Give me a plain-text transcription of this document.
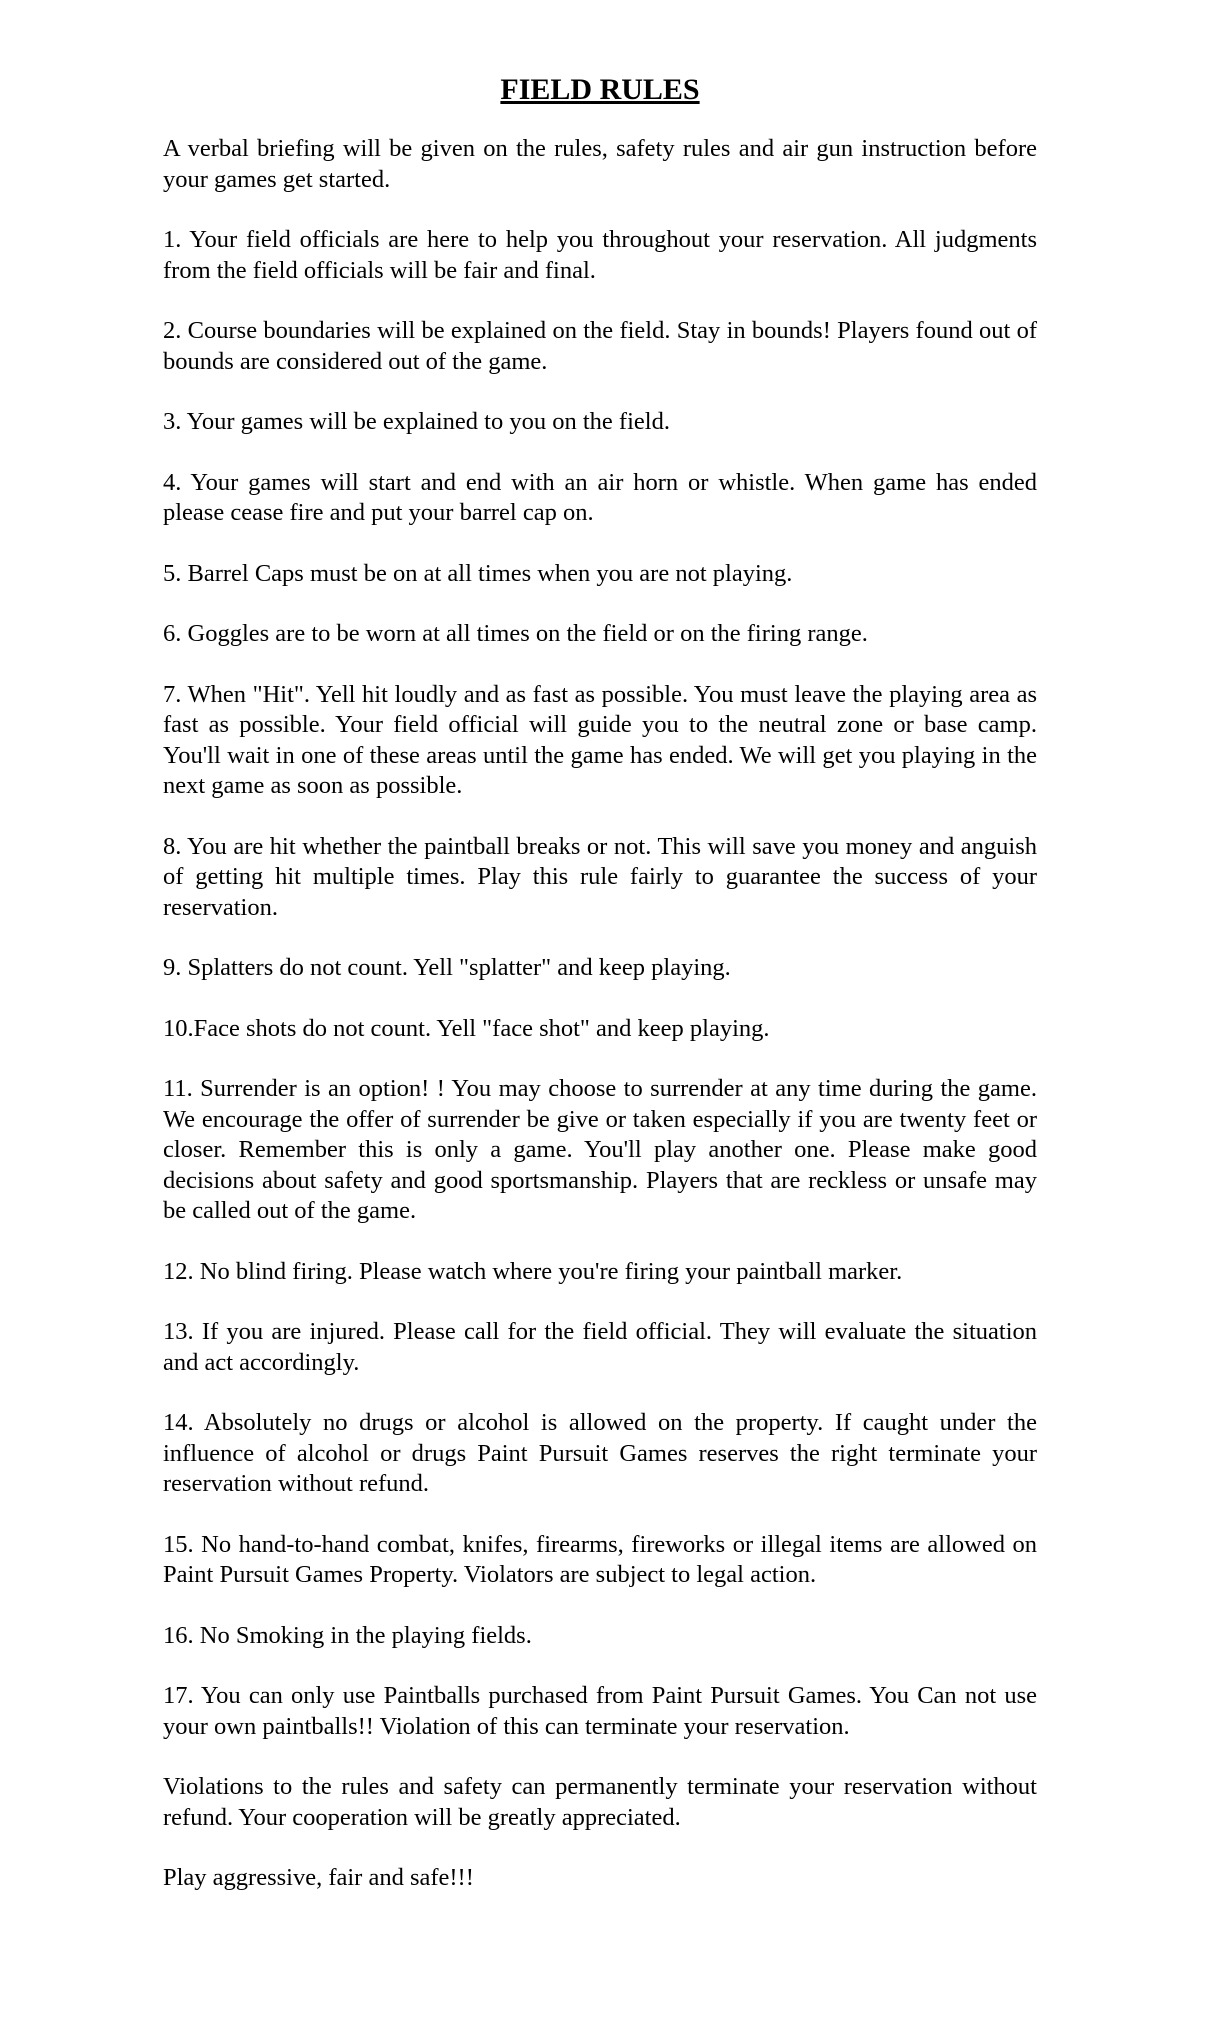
FIELD RULES

A verbal briefing will be given on the rules, safety rules and air gun instruction before your games get started.

1. Your field officials are here to help you throughout your reservation. All judgments from the field officials will be fair and final.

2. Course boundaries will be explained on the field. Stay in bounds! Players found out of bounds are considered out of the game.

3. Your games will be explained to you on the field.

4. Your games will start and end with an air horn or whistle. When game has ended please cease fire and put your barrel cap on.

5. Barrel Caps must be on at all times when you are not playing.

6. Goggles are to be worn at all times on the field or on the firing range.

7. When "Hit". Yell hit loudly and as fast as possible. You must leave the playing area as fast as possible. Your field official will guide you to the neutral zone or base camp. You'll wait in one of these areas until the game has ended. We will get you playing in the next game as soon as possible.

8. You are hit whether the paintball breaks or not. This will save you money and anguish of getting hit multiple times. Play this rule fairly to guarantee the success of your reservation.

9. Splatters do not count. Yell "splatter" and keep playing.

10.Face shots do not count. Yell "face shot" and keep playing.

11. Surrender is an option! ! You may choose to surrender at any time during the game. We encourage the offer of surrender be give or taken especially if you are twenty feet or closer. Remember this is only a game. You'll play another one. Please make good decisions about safety and good sportsmanship. Players that are reckless or unsafe may be called out of the game.

12. No blind firing. Please watch where you're firing your paintball marker.

13. If you are injured. Please call for the field official. They will evaluate the situation and act accordingly.

14. Absolutely no drugs or alcohol is allowed on the property. If caught under the influence of alcohol or drugs Paint Pursuit Games reserves the right terminate your reservation without refund.

15. No hand-to-hand combat, knifes, firearms, fireworks or illegal items are allowed on Paint Pursuit Games Property. Violators are subject to legal action.

16. No Smoking in the playing fields.

17. You can only use Paintballs purchased from Paint Pursuit Games. You Can not use your own paintballs!! Violation of this can terminate your reservation.

Violations to the rules and safety can permanently terminate your reservation without refund. Your cooperation will be greatly appreciated.

Play aggressive, fair and safe!!!
